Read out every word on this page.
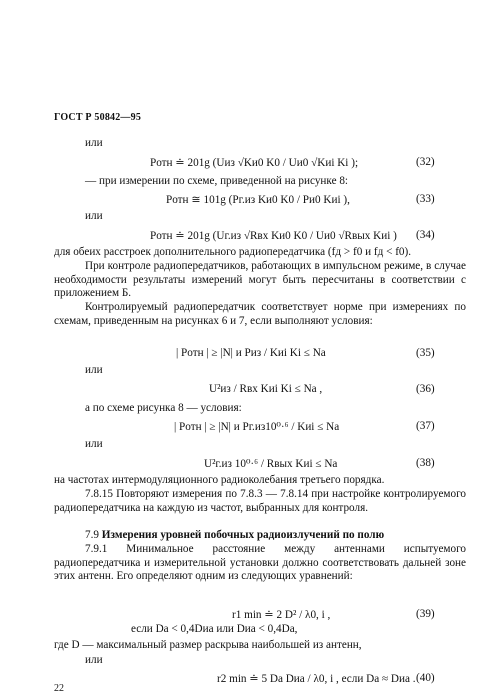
ГОСТ Р 50842—95
или
Pотн ≐ 201g (Uиз √Kи0 K0 / Uи0 √Kиi Ki );	(32)
— при измерении по схеме, приведенной на рисунке 8:
Pотн ≅ 101g (Pг.из Kи0 K0 / Pи0 Kиi ),	(33)
или
Pотн ≐ 201g (Uг.из √Rвх Kи0 K0 / Uи0 √Rвых Kиi ) (34)
для обеих расстроек дополнительного радиопередатчика (fд > f0 и fд < f0).
При контроле радиопередатчиков, работающих в импульсном режиме, в случае необходимости результаты измерений могут быть пересчитаны в соответствии с приложением Б.
Контролируемый радиопередатчик соответствует норме при измерениях по схемам, приведенным на рисунках 6 и 7, если выполняют условия:
| Pотн | ≥ |N| и Pиз / Kиi Ki ≤ Nа	(35)
или
U²из / Rвх Kиi Ki ≤ Nа ,	(36)
а по схеме рисунка 8 — условия:
| Pотн | ≥ |N| и Pг.из10⁰·⁶ / Kиi ≤ Nа	(37)
или
U²г.из 10⁰·⁶ / Rвых Kиi ≤ Nа	(38)
на частотах интермодуляционного радиоколебания третьего порядка.
7.8.15 Повторяют измерения по 7.8.3 — 7.8.14 при настройке контролируемого радиопередатчика на каждую из частот, выбранных для контроля.
7.9 Измерения уровней побочных радиоизлучений по полю
7.9.1 Минимальное расстояние между антеннами испытуемого радиопередатчика и измерительной установки должно соответствовать дальней зоне этих антенн. Его определяют одним из следующих уравнений:
r1 min ≐ 2 D² / λ0, i ,	(39)
если Dа < 0,4Dиа или Dиа < 0,4Dа,
где D — максимальный размер раскрыва наибольшей из антенн,
или
r2 min ≐ 5 Dа Dиа / λ0, i , если Dа ≈ Dиа . (40)
22
